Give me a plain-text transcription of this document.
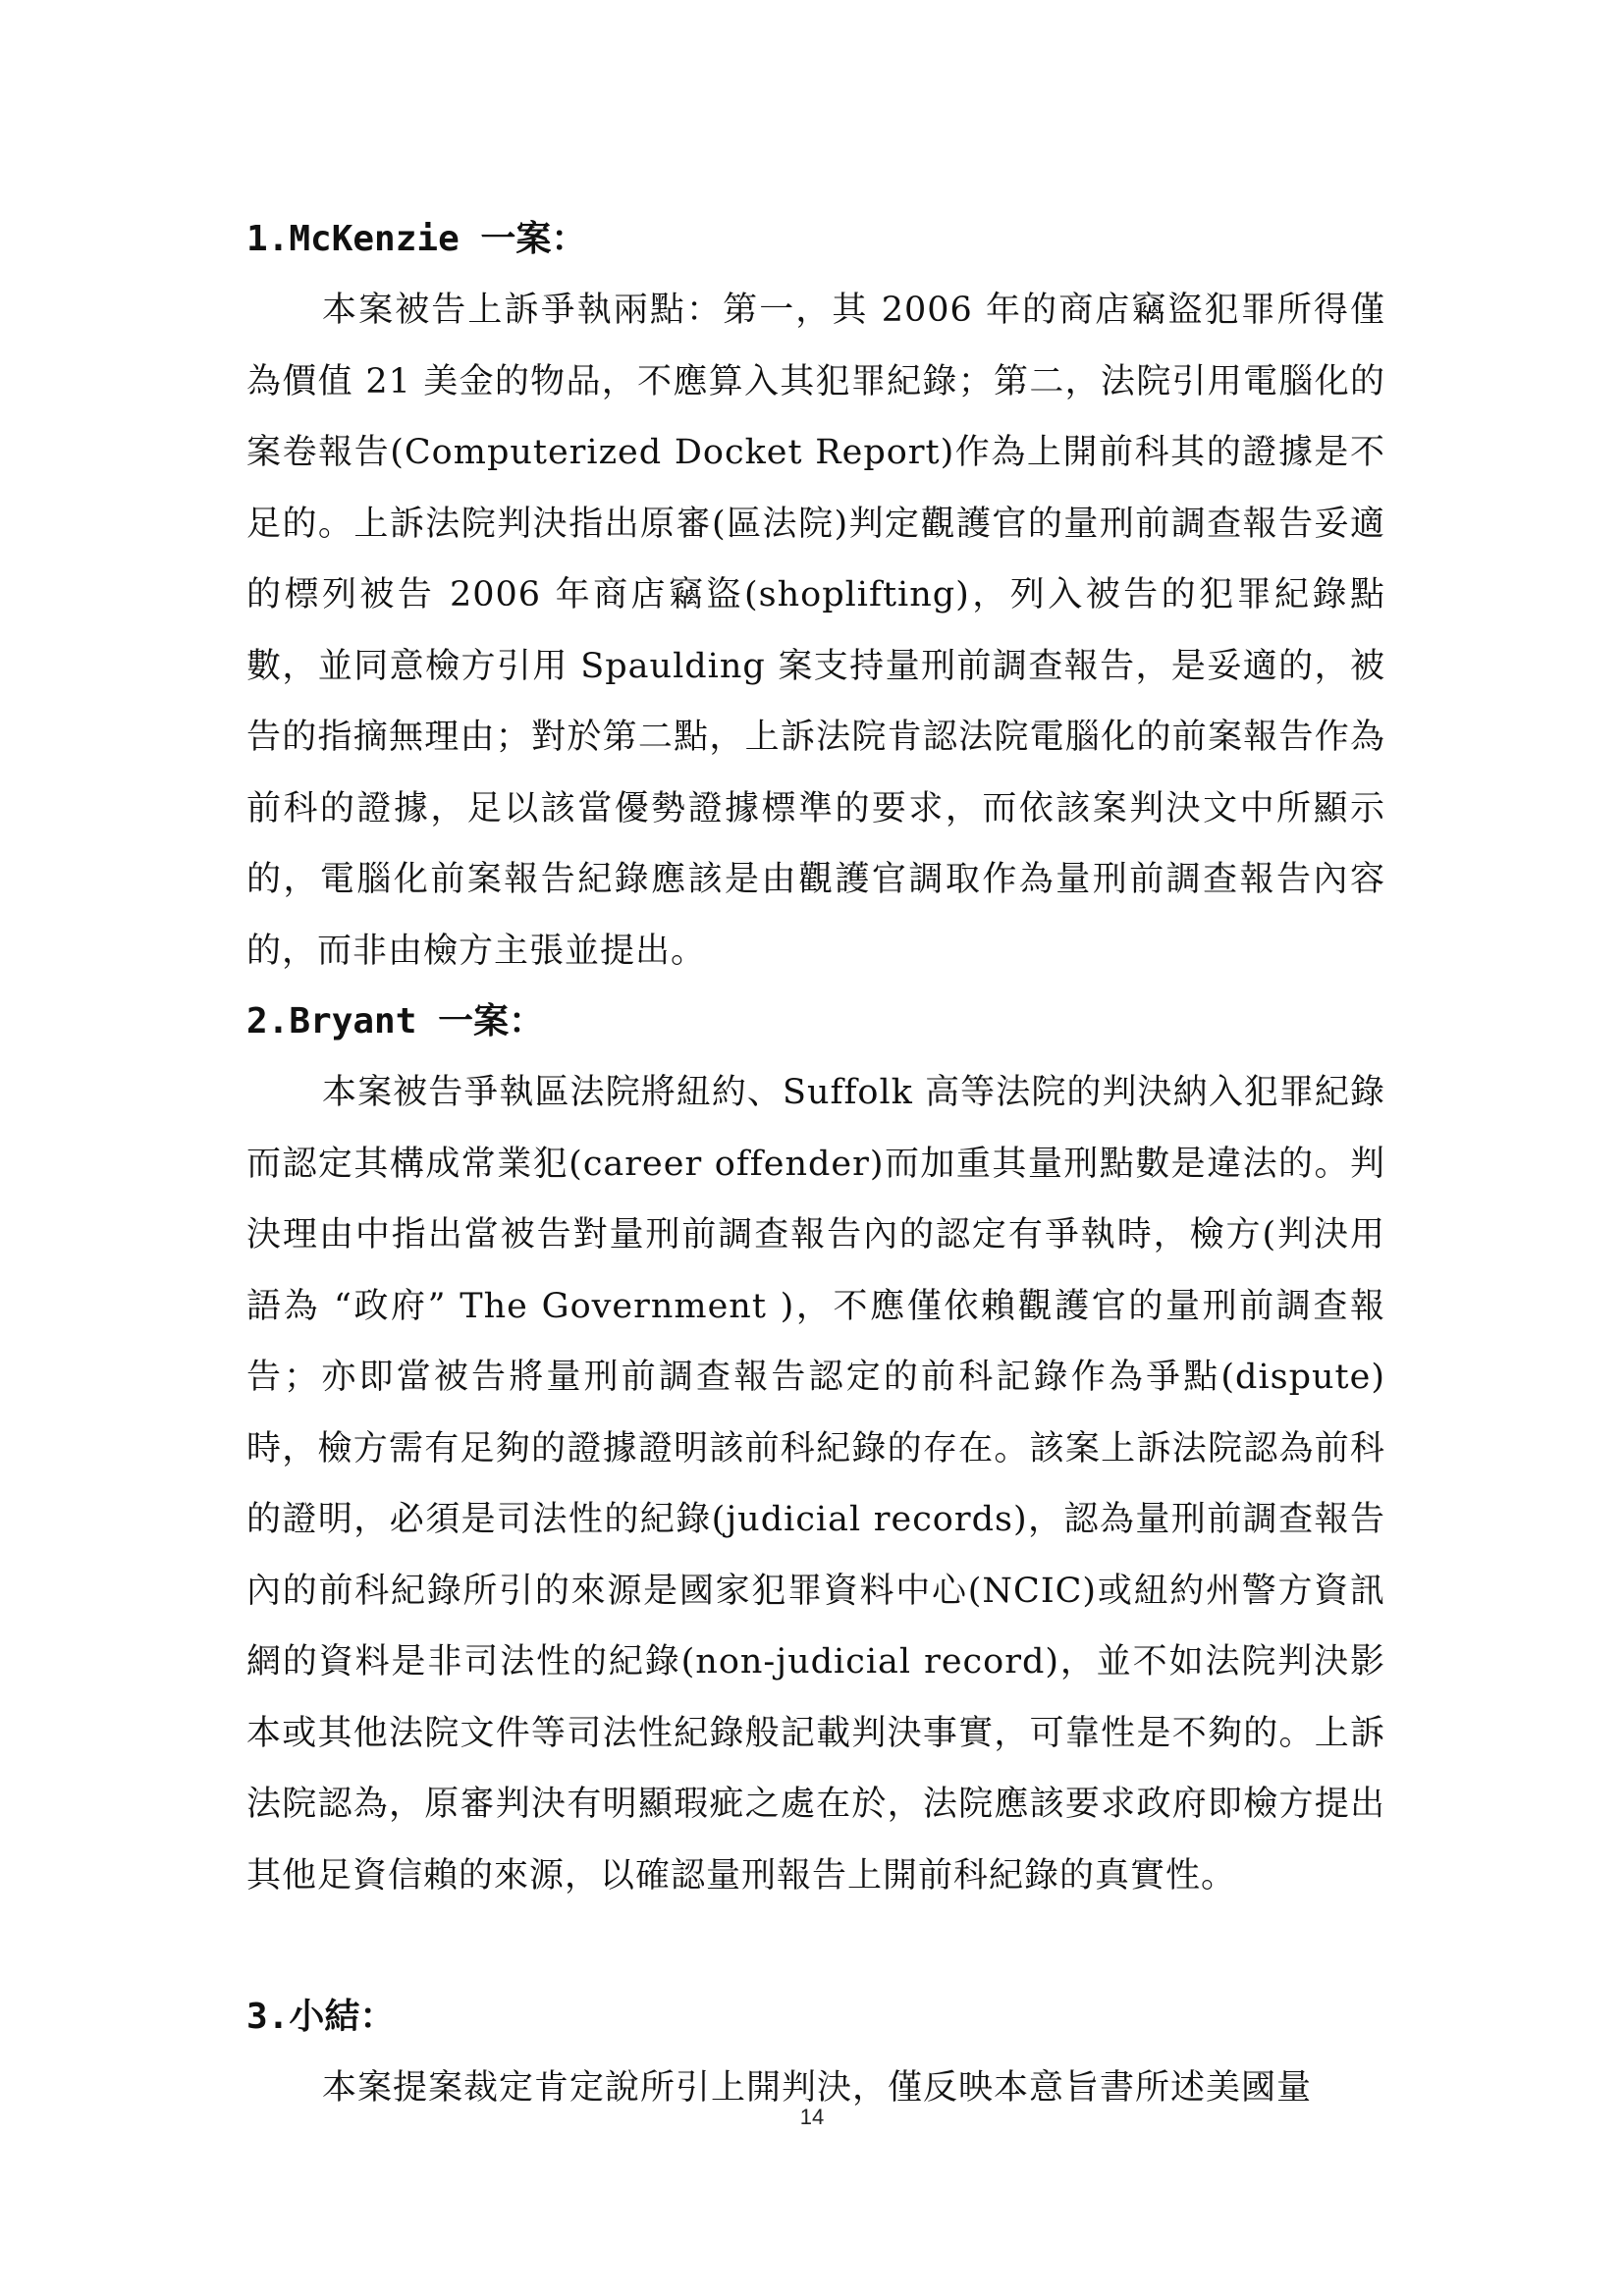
1.McKenzie 一案：

本案被告上訴爭執兩點：第一，其 2006 年的商店竊盜犯罪所得僅為價值 21 美金的物品，不應算入其犯罪紀錄；第二，法院引用電腦化的案卷報告(Computerized Docket Report)作為上開前科其的證據是不足的。上訴法院判決指出原審(區法院)判定觀護官的量刑前調查報告妥適的標列被告 2006 年商店竊盜(shoplifting)，列入被告的犯罪紀錄點數，並同意檢方引用 Spaulding 案支持量刑前調查報告，是妥適的，被告的指摘無理由；對於第二點，上訴法院肯認法院電腦化的前案報告作為前科的證據，足以該當優勢證據標準的要求，而依該案判決文中所顯示的，電腦化前案報告紀錄應該是由觀護官調取作為量刑前調查報告內容的，而非由檢方主張並提出。

2.Bryant 一案：

本案被告爭執區法院將紐約、Suffolk 高等法院的判決納入犯罪紀錄而認定其構成常業犯(career offender)而加重其量刑點數是違法的。判決理由中指出當被告對量刑前調查報告內的認定有爭執時，檢方(判決用語為 “政府” The Government )，不應僅依賴觀護官的量刑前調查報告；亦即當被告將量刑前調查報告認定的前科記錄作為爭點(dispute)時，檢方需有足夠的證據證明該前科紀錄的存在。該案上訴法院認為前科的證明，必須是司法性的紀錄(judicial records)，認為量刑前調查報告內的前科紀錄所引的來源是國家犯罪資料中心(NCIC)或紐約州警方資訊網的資料是非司法性的紀錄(non-judicial record)，並不如法院判決影本或其他法院文件等司法性紀錄般記載判決事實，可靠性是不夠的。上訴法院認為，原審判決有明顯瑕疵之處在於，法院應該要求政府即檢方提出其他足資信賴的來源，以確認量刑報告上開前科紀錄的真實性。

3.小結：

本案提案裁定肯定說所引上開判決，僅反映本意旨書所述美國量

14
